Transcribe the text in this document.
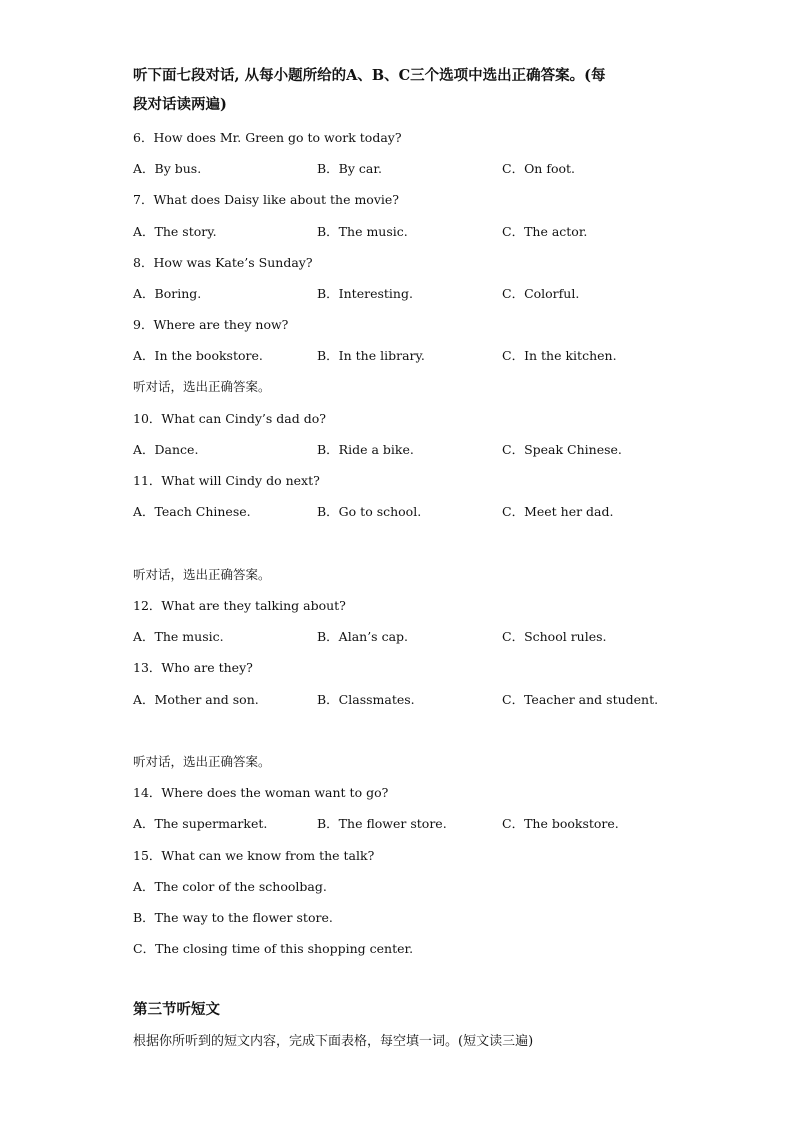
听下面七段对话, 从每小题所给的A、B、C三个选项中选出正确答案。(每
段对话读两遍)
6．How does Mr. Green go to work today?
A．By bus.	B．By car.	C．On foot.
7．What does Daisy like about the movie?
A．The story.	B．The music.	C．The actor.
8．How was Kate’s Sunday?
A．Boring.	B．Interesting.	C．Colorful.
9．Where are they now?
A．In the bookstore.	B．In the library.	C．In the kitchen.
听对话，选出正确答案。
10．What can Cindy’s dad do?
A．Dance.	B．Ride a bike.	C．Speak Chinese.
11．What will Cindy do next?
A．Teach Chinese.	B．Go to school.	C．Meet her dad.
听对话，选出正确答案。
12．What are they talking about?
A．The music.	B．Alan’s cap.	C．School rules.
13．Who are they?
A．Mother and son.	B．Classmates.	C．Teacher and student.
听对话，选出正确答案。
14．Where does the woman want to go?
A．The supermarket.	B．The flower store.	C．The bookstore.
15．What can we know from the talk?
A．The color of the schoolbag.
B．The way to the flower store.
C．The closing time of this shopping center.
第三节听短文
根据你所听到的短文内容，完成下面表格，每空填一词。(短文读三遍)
